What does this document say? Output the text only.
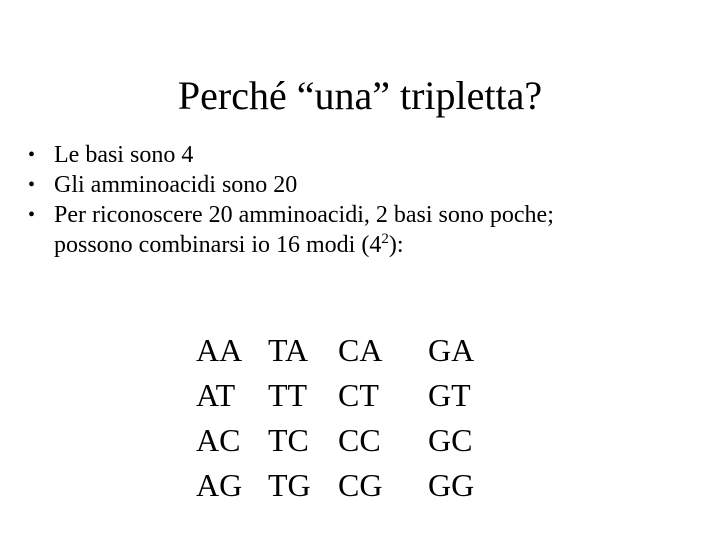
Perché “una” tripletta?
• Le basi sono 4
• Gli amminoacidi sono 20
• Per riconoscere 20 amminoacidi, 2 basi sono poche;
possono combinarsi io 16 modi $(4^2)$:
AA	TA	CA	GA
AT	TT	CT	GT
AC	TC	CC	GC
AG	TG	CG	GG
